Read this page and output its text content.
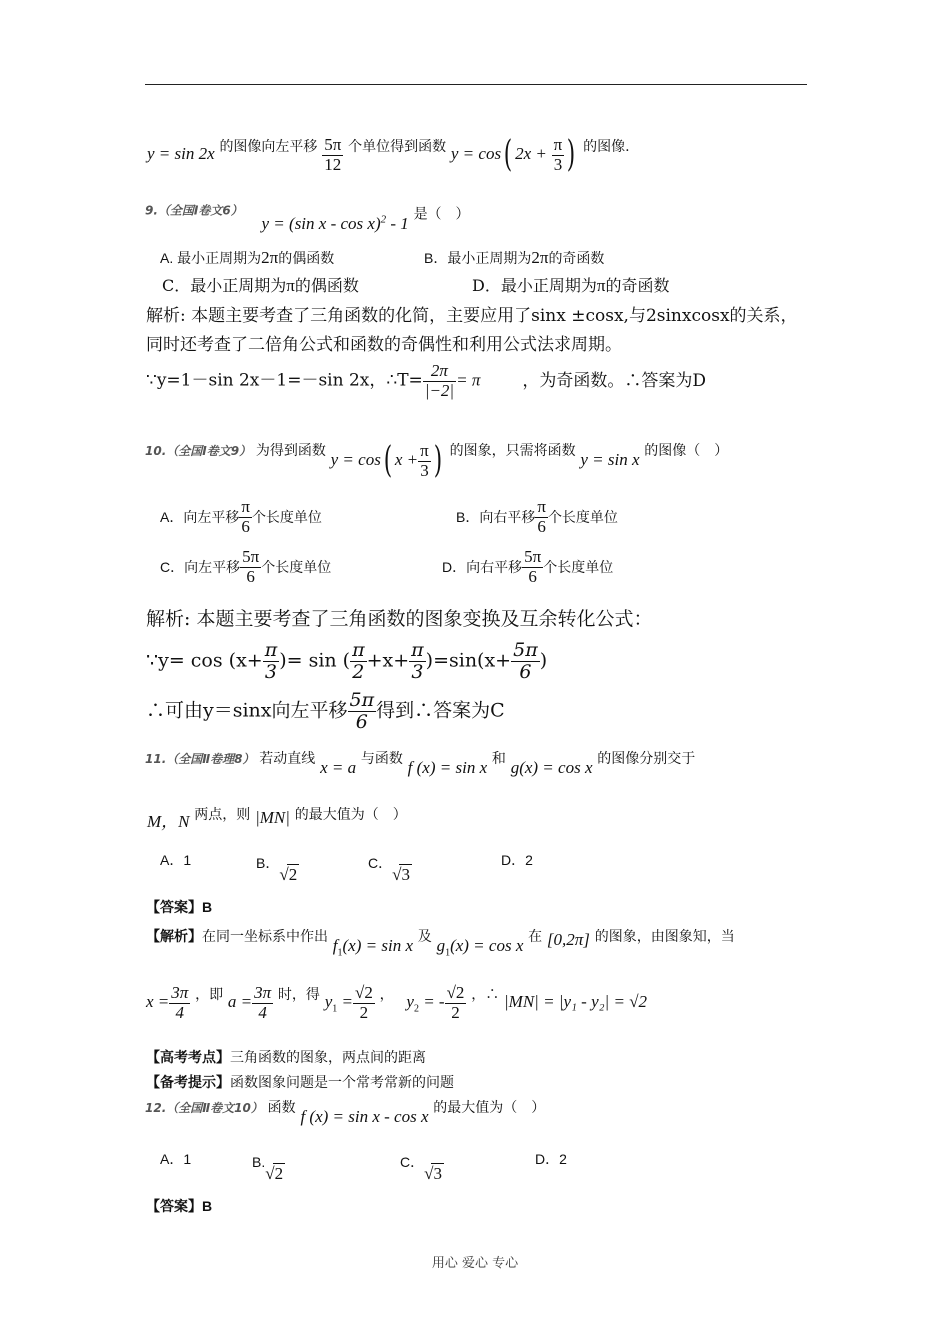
y = sin 2x 的图像向左平移 $\frac{5\pi}{12}$ 个单位得到函数 y = cos( $2x + \frac{\pi}{3}$ ) 的图像.
$^{9.(全国Ⅰ卷文6)}$ y = (sin x - cos x)$^2$ - 1 是（　）
A. 最小正周期为2π的偶函数	B．最小正周期为2π的奇函数
C．最小正周期为π的偶函数	D．最小正周期为π的奇函数
解析: 本题主要考查了三角函数的化简，主要应用了sinx ±cosx,与2sinxcosx的关系，
同时还考查了二倍角公式和函数的奇偶性和利用公式法求周期。
∵y=1－sin 2x－1=－sin 2x，∴T= $\frac{2\pi}{|-2|} = \pi$ ，为奇函数。∴答案为D
10.（全国Ⅰ卷文9） 为得到函数 y = cos( $x + \frac{\pi}{3}$ ) 的图象，只需将函数 y = sin x 的图像（　）
A．向左平移 $\frac{\pi}{6}$ 个长度单位	B．向右平移 $\frac{\pi}{6}$ 个长度单位
C．向左平移 $\frac{5\pi}{6}$ 个长度单位	D．向右平移 $\frac{5\pi}{6}$ 个长度单位
解析: 本题主要考查了三角函数的图象变换及互余转化公式：
∵y= $\cos (x+ \frac{\pi}{3}$ )= sin ( $\frac{\pi}{2} +x+ \frac{\pi}{3} )=\sin(x+ \frac{5\pi}{6}$ )
∴可由y＝sinx向左平移 $\frac{5\pi}{6}$ 得到∴答案为C
11.（全国Ⅱ卷理8） 若动直线 x = a 与函数 f (x) = sin x 和 g(x) = cos x 的图像分别交于
M，N 两点，则 |MN| 的最大值为（　）
A．1	B．√2
C．√3
D．2
【答案】B
【解析】在同一坐标系中作出 $f_1(x) = \sin x$ 及 $g_1(x) = \cos x$ 在 [0,2π] 的图象，由图象知，当
$x = \frac{3\pi}{4}$ ，即 $a = \frac{3\pi}{4}$ 时，得 $y_1 = \frac{√2}{2}$ ， $y_2$ = - $\frac{√2}{2}$ ，∴ |MN| = |y₁ - y₂| = √2
【高考考点】三角函数的图象，两点间的距离
【备考提示】函数图象问题是一个常考常新的问题
12.（全国Ⅱ卷文10） 函数 f (x) = sin x - cos x 的最大值为（　）
A．1	B.√2
C．√3
D．2
【答案】B
用心 爱心 专心
